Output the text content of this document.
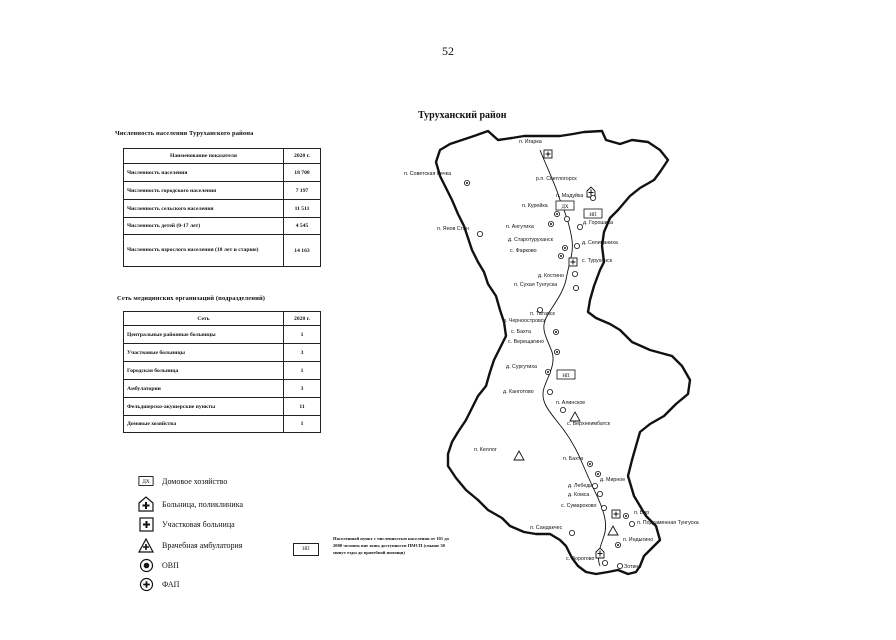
52
Численность населения Туруханского района
Наименование показателя	2020 г.
Численность населения	18 708
Численность городского населения	7 197
Численность сельского населения	11 511
Численность детей (0-17 лет)	4 545
Численность взрослого населения (18 лет и старше)	14 163
Сеть медицинских организаций (подразделений)
Сеть	2020 г.
Центральные районные больницы	1
Участковые больницы	3
Городская больница	1
Амбулатории	3
Фельдшерско-акушерские пункты	11
Домовые хозяйства	1
ДХ Домовое хозяйство
Больница, поликлиника
Участковая больница
Врачебная амбулатория
ОВП
ФАП
НП
Населенный пункт с численностью населения от 101 до 2000 человек вне зоны доступности ПМСП (свыше 30 минут езды до врачебной помощи)
Туруханский район
ДХ
НП
НП
п. Игарка
п. Советская Речка
р.п. Светлогорск
п. Мадуйка
п. Курейка
п. Янов Стан	п. Ангутиха
д. Горошиха
д. Старотуруханск	д. Селиваниха
с. Фарково
с. Туруханск
д. Костино
п. Сухая Тунгуска
п. Татарск
п. Черноостровск
с. Бахта
с. Верещагино
д. Сургутиха
д. Канготово
п. Алинское
с. Верхнеимбатск
п. Келлог
п. Бахта
д. Мирное
д. Лебедь
д. Комса
с. Сумароково
п. Бор
п. Подкаменная Тунгуска
п. Сандакчес
п. Индыгино
с. Ворогово
Зотино
